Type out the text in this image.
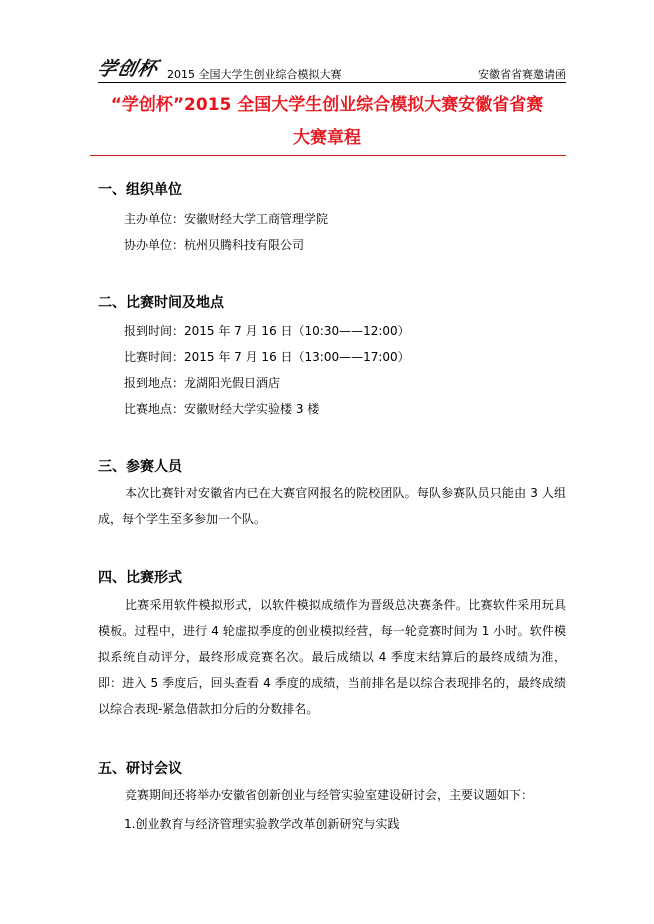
学创杯 2015 全国大学生创业综合模拟大赛	安徽省省赛邀请函
“学创杯”2015 全国大学生创业综合模拟大赛安徽省省赛
大赛章程
一、组织单位
主办单位：安徽财经大学工商管理学院
协办单位：杭州贝腾科技有限公司
二、比赛时间及地点
报到时间：2015 年 7 月 16 日（10:30——12:00）
比赛时间：2015 年 7 月 16 日（13:00——17:00）
报到地点：龙湖阳光假日酒店
比赛地点：安徽财经大学实验楼 3 楼
三、参赛人员
本次比赛针对安徽省内已在大赛官网报名的院校团队。每队参赛队员只能由 3 人组成，每个学生至多参加一个队。
四、比赛形式
比赛采用软件模拟形式，以软件模拟成绩作为晋级总决赛条件。比赛软件采用玩具模板。过程中，进行 4 轮虚拟季度的创业模拟经营，每一轮竞赛时间为 1 小时。软件模拟系统自动评分，最终形成竞赛名次。最后成绩以 4 季度末结算后的最终成绩为准，即：进入 5 季度后，回头查看 4 季度的成绩，当前排名是以综合表现排名的，最终成绩以综合表现-紧急借款扣分后的分数排名。
五、研讨会议
竞赛期间还将举办安徽省创新创业与经管实验室建设研讨会，主要议题如下：
1.创业教育与经济管理实验教学改革创新研究与实践
